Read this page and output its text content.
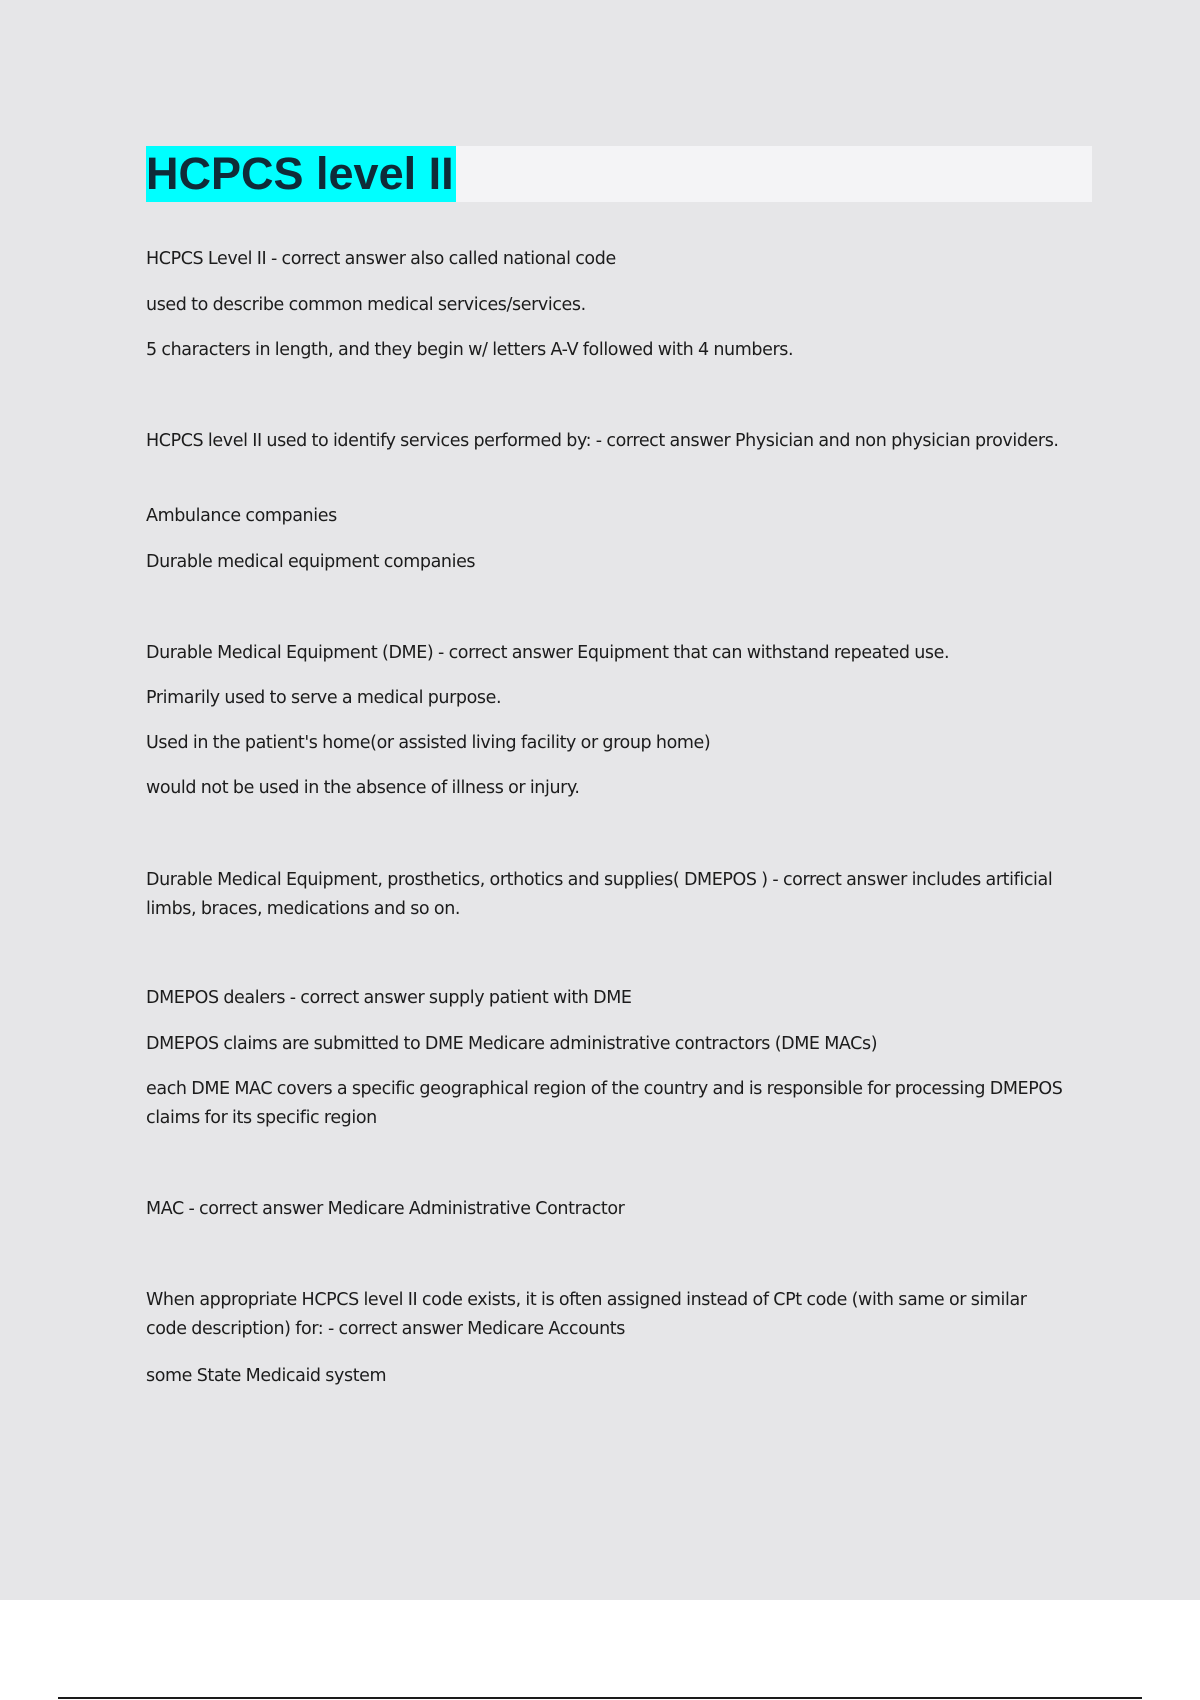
HCPCS level II

HCPCS Level II - correct answer also called national code

used to describe common medical services/services.

5 characters in length, and they begin w/ letters A-V followed with 4 numbers.

HCPCS level II used to identify services performed by: - correct answer Physician and non physician providers.

Ambulance companies

Durable medical equipment companies

Durable Medical Equipment (DME) - correct answer Equipment that can withstand repeated use.

Primarily used to serve a medical purpose.

Used in the patient's home(or assisted living facility or group home)

would not be used in the absence of illness or injury.

Durable Medical Equipment, prosthetics, orthotics and supplies( DMEPOS ) - correct answer includes artificial limbs, braces, medications and so on.

DMEPOS dealers - correct answer supply patient with DME

DMEPOS claims are submitted to DME Medicare administrative contractors (DME MACs)

each DME MAC covers a specific geographical region of the country and is responsible for processing DMEPOS claims for its specific region

MAC - correct answer Medicare Administrative Contractor

When appropriate HCPCS level II code exists, it is often assigned instead of CPt code (with same or similar code description) for: - correct answer Medicare Accounts

some State Medicaid system
